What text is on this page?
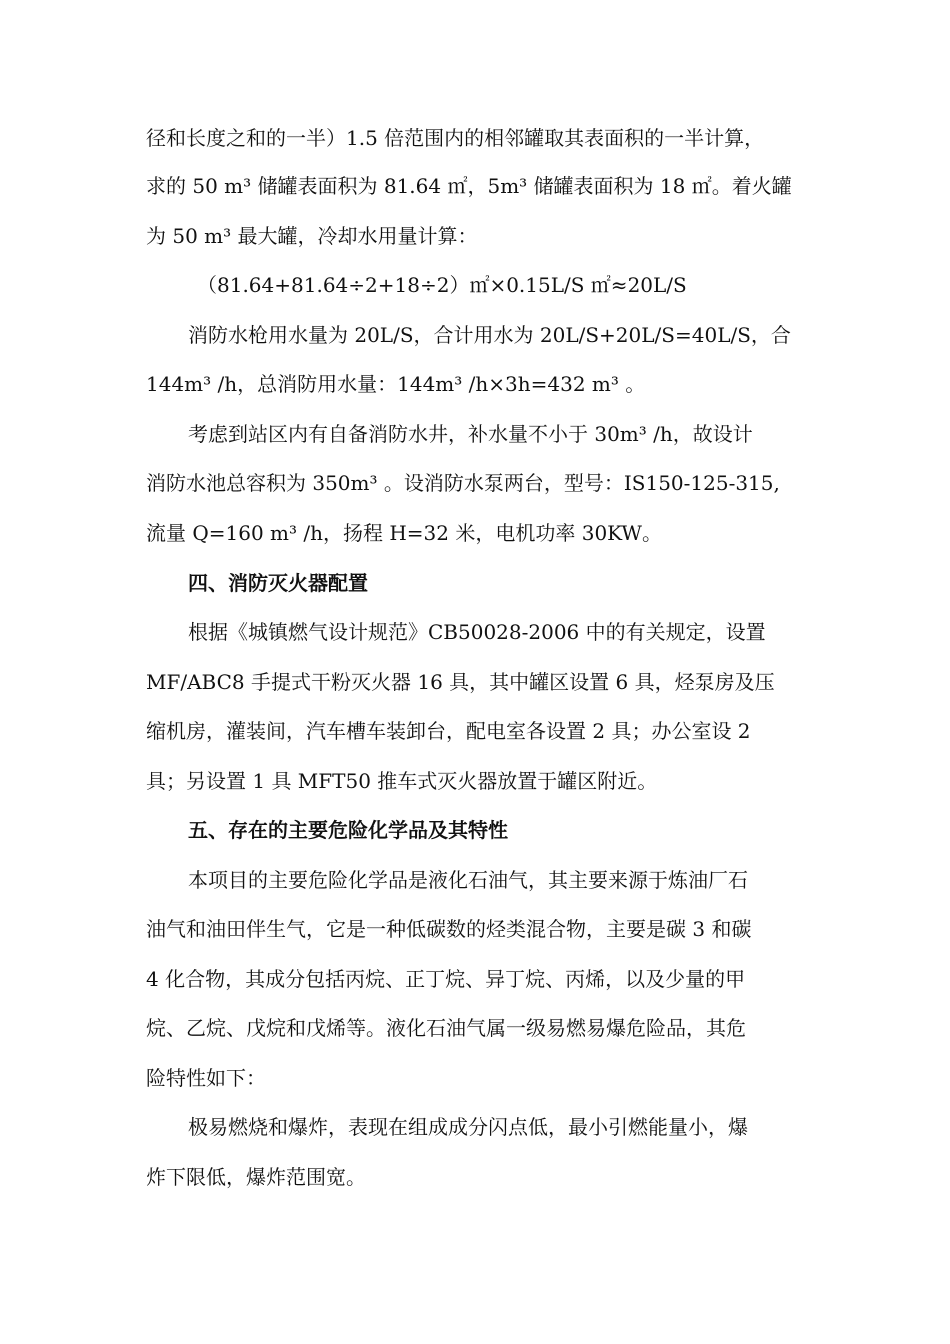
径和长度之和的一半）1.5 倍范围内的相邻罐取其表面积的一半计算，
求的 50 m³ 储罐表面积为 81.64 ㎡，5m³ 储罐表面积为 18 ㎡。着火罐
为 50 m³ 最大罐，冷却水用量计算：
（81.64+81.64÷2+18÷2）㎡×0.15L/S ㎡≈20L/S
消防水枪用水量为 20L/S，合计用水为 20L/S+20L/S=40L/S，合
144m³ /h，总消防用水量：144m³ /h×3h=432 m³ 。
考虑到站区内有自备消防水井，补水量不小于 30m³ /h，故设计
消防水池总容积为 350m³ 。设消防水泵两台，型号：IS150-125-315,
流量 Q=160 m³ /h，扬程 H=32 米，电机功率 30KW。
四、消防灭火器配置
根据《城镇燃气设计规范》CB50028-2006 中的有关规定，设置
MF/ABC8 手提式干粉灭火器 16 具，其中罐区设置 6 具，烃泵房及压
缩机房，灌装间，汽车槽车装卸台，配电室各设置 2 具；办公室设 2
具；另设置 1 具 MFT50 推车式灭火器放置于罐区附近。
五、存在的主要危险化学品及其特性
本项目的主要危险化学品是液化石油气，其主要来源于炼油厂石
油气和油田伴生气，它是一种低碳数的烃类混合物，主要是碳 3 和碳
4 化合物，其成分包括丙烷、正丁烷、异丁烷、丙烯，以及少量的甲
烷、乙烷、戊烷和戊烯等。液化石油气属一级易燃易爆危险品，其危
险特性如下：
极易燃烧和爆炸，表现在组成成分闪点低，最小引燃能量小，爆
炸下限低，爆炸范围宽。
